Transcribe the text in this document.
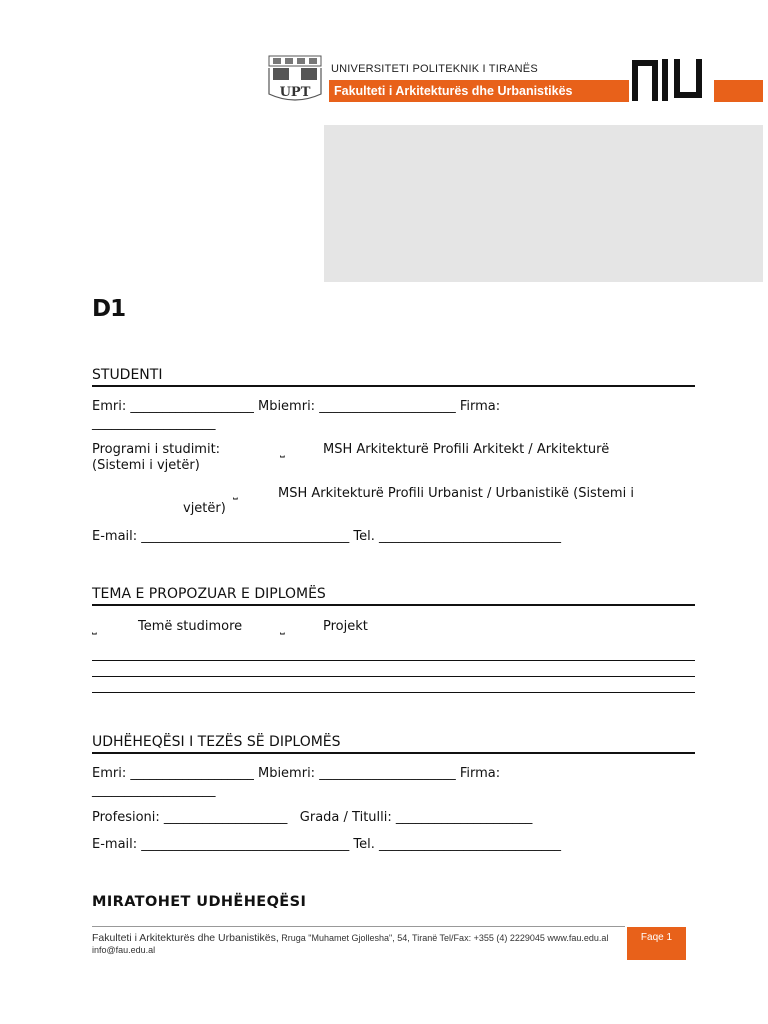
UPT
UNIVERSITETI POLITEKNIK I TIRANËS
Fakulteti i Arkitekturës dhe Urbanistikës
D1
STUDENTI
Emri: ___________________ Mbiemri: _____________________ Firma:
___________________
Programi i studimit:	⎵	MSH Arkitekturë Profili Arkitekt / Arkitekturë
(Sistemi i vjetër)
⎵	MSH Arkitekturë Profili Urbanist / Urbanistikë (Sistemi i
vjetër)
E-mail: ________________________________ Tel. ____________________________
TEMA E PROPOZUAR E DIPLOMËS
⎵	Temë studimore	⎵	Projekt
UDHËHEQËSI I TEZËS SË DIPLOMËS
Emri: ___________________ Mbiemri: _____________________ Firma:
___________________
Profesioni: ___________________   Grada / Titulli: _____________________
E-mail: ________________________________ Tel. ____________________________
MIRATOHET UDHËHEQËSI
Fakulteti i Arkitekturës dhe Urbanistikës, Rruga "Muhamet Gjollesha", 54, Tiranë Tel/Fax: +355 (4) 2229045 www.fau.edu.al
info@fau.edu.al
Faqe 1
